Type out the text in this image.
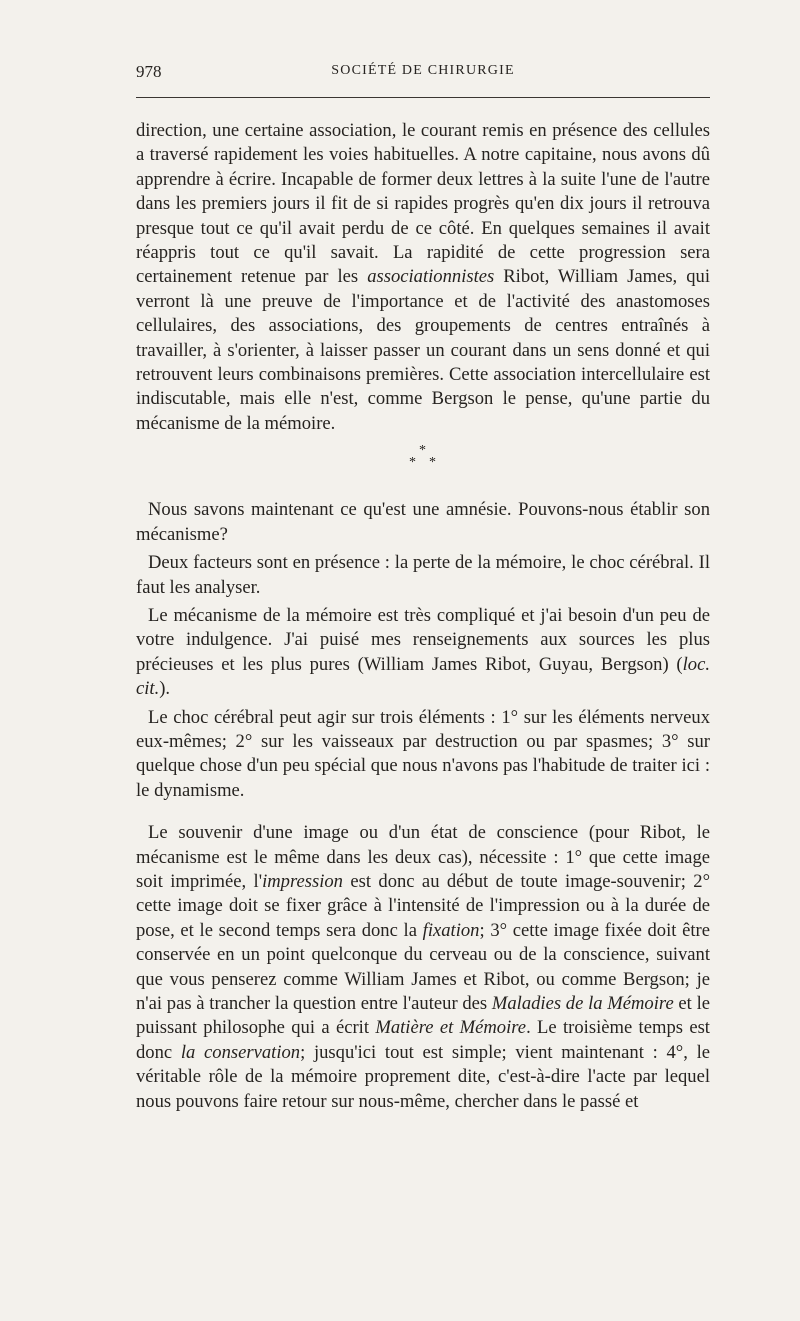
978	SOCIÉTÉ DE CHIRURGIE

direction, une certaine association, le courant remis en présence des cellules a traversé rapidement les voies habituelles. A notre capitaine, nous avons dû apprendre à écrire. Incapable de former deux lettres à la suite l'une de l'autre dans les premiers jours il fit de si rapides progrès qu'en dix jours il retrouva presque tout ce qu'il avait perdu de ce côté. En quelques semaines il avait réappris tout ce qu'il savait. La rapidité de cette progression sera certainement retenue par les associationnistes Ribot, William James, qui verront là une preuve de l'importance et de l'activité des anastomoses cellulaires, des associations, des groupements de centres entraînés à travailler, à s'orienter, à laisser passer un courant dans un sens donné et qui retrouvent leurs combinaisons premières. Cette association intercellulaire est indiscutable, mais elle n'est, comme Bergson le pense, qu'une partie du mécanisme de la mémoire.

*
* *

Nous savons maintenant ce qu'est une amnésie. Pouvons-nous établir son mécanisme?

Deux facteurs sont en présence : la perte de la mémoire, le choc cérébral. Il faut les analyser.

Le mécanisme de la mémoire est très compliqué et j'ai besoin d'un peu de votre indulgence. J'ai puisé mes renseignements aux sources les plus précieuses et les plus pures (William James Ribot, Guyau, Bergson) (loc. cit.).

Le choc cérébral peut agir sur trois éléments : 1° sur les éléments nerveux eux-mêmes; 2° sur les vaisseaux par destruction ou par spasmes; 3° sur quelque chose d'un peu spécial que nous n'avons pas l'habitude de traiter ici : le dynamisme.

Le souvenir d'une image ou d'un état de conscience (pour Ribot, le mécanisme est le même dans les deux cas), nécessite : 1° que cette image soit imprimée, l'impression est donc au début de toute image-souvenir; 2° cette image doit se fixer grâce à l'intensité de l'impression ou à la durée de pose, et le second temps sera donc la fixation; 3° cette image fixée doit être conservée en un point quelconque du cerveau ou de la conscience, suivant que vous penserez comme William James et Ribot, ou comme Bergson; je n'ai pas à trancher la question entre l'auteur des Maladies de la Mémoire et le puissant philosophe qui a écrit Matière et Mémoire. Le troisième temps est donc la conservation; jusqu'ici tout est simple; vient maintenant : 4°, le véritable rôle de la mémoire proprement dite, c'est-à-dire l'acte par lequel nous pouvons faire retour sur nous-même, chercher dans le passé et
